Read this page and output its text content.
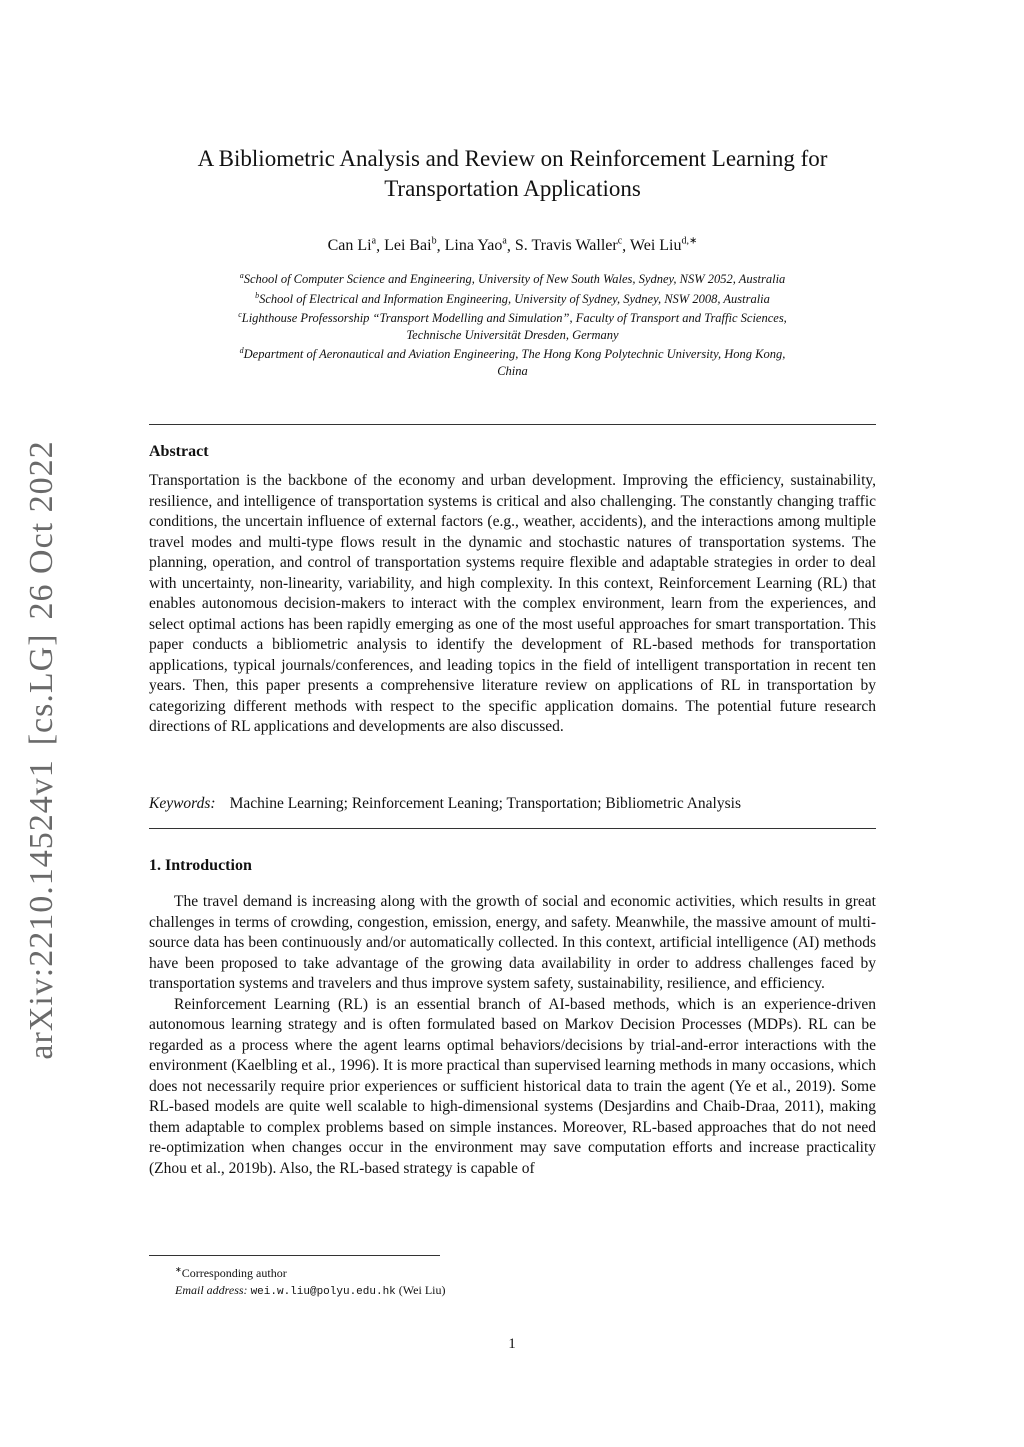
arXiv:2210.14524v1[cs.LG]26 Oct 2022
A Bibliometric Analysis and Review on Reinforcement Learning for Transportation Applications
Can Li$^a$, Lei Bai$^b$, Lina Yao$^a$, S. Travis Waller$^c$, Wei Liu$^{d,∗}$
$^a$School of Computer Science and Engineering, University of New South Wales, Sydney, NSW 2052, Australia
$^b$School of Electrical and Information Engineering, University of Sydney, Sydney, NSW 2008, Australia
$^c$Lighthouse Professorship “Transport Modelling and Simulation”, Faculty of Transport and Traffic Sciences,
Technische Universität Dresden, Germany
$^d$Department of Aeronautical and Aviation Engineering, The Hong Kong Polytechnic University, Hong Kong,
China
Abstract

Transportation is the backbone of the economy and urban development. Improving the efficiency, sustainability, resilience, and intelligence of transportation systems is critical and also challenging. The constantly changing traffic conditions, the uncertain influence of external factors (e.g., weather, accidents), and the interactions among multiple travel modes and multi-type flows result in the dynamic and stochastic natures of transportation systems. The planning, operation, and control of transportation systems require flexible and adaptable strategies in order to deal with uncertainty, non-linearity, variability, and high complexity. In this context, Reinforcement Learning (RL) that enables autonomous decision-makers to interact with the complex environment, learn from the experiences, and select optimal actions has been rapidly emerging as one of the most useful approaches for smart transportation. This paper conducts a bibliometric analysis to identify the development of RL-based methods for transportation applications, typical journals/conferences, and leading topics in the field of intelligent transportation in recent ten years. Then, this paper presents a comprehensive literature review on applications of RL in transportation by categorizing different methods with respect to the specific application domains. The potential future research directions of RL applications and developments are also discussed.

Keywords: Machine Learning; Reinforcement Leaning; Transportation; Bibliometric Analysis
1. Introduction

The travel demand is increasing along with the growth of social and economic activities, which results in great challenges in terms of crowding, congestion, emission, energy, and safety. Meanwhile, the massive amount of multi-source data has been continuously and/or automatically collected. In this context, artificial intelligence (AI) methods have been proposed to take advantage of the growing data availability in order to address challenges faced by transportation systems and travelers and thus improve system safety, sustainability, resilience, and efficiency.

Reinforcement Learning (RL) is an essential branch of AI-based methods, which is an experience-driven autonomous learning strategy and is often formulated based on Markov Decision Processes (MDPs). RL can be regarded as a process where the agent learns optimal behaviors/decisions by trial-and-error interactions with the environment (Kaelbling et al., 1996). It is more practical than supervised learning methods in many occasions, which does not necessarily require prior experiences or sufficient historical data to train the agent (Ye et al., 2019). Some RL-based models are quite well scalable to high-dimensional systems (Desjardins and Chaib-Draa, 2011), making them adaptable to complex problems based on simple instances. Moreover, RL-based approaches that do not need re-optimization when changes occur in the environment may save computation efforts and increase practicality (Zhou et al., 2019b). Also, the RL-based strategy is capable of

∗Corresponding author
Email address: wei.w.liu@polyu.edu.hk (Wei Liu)
1
